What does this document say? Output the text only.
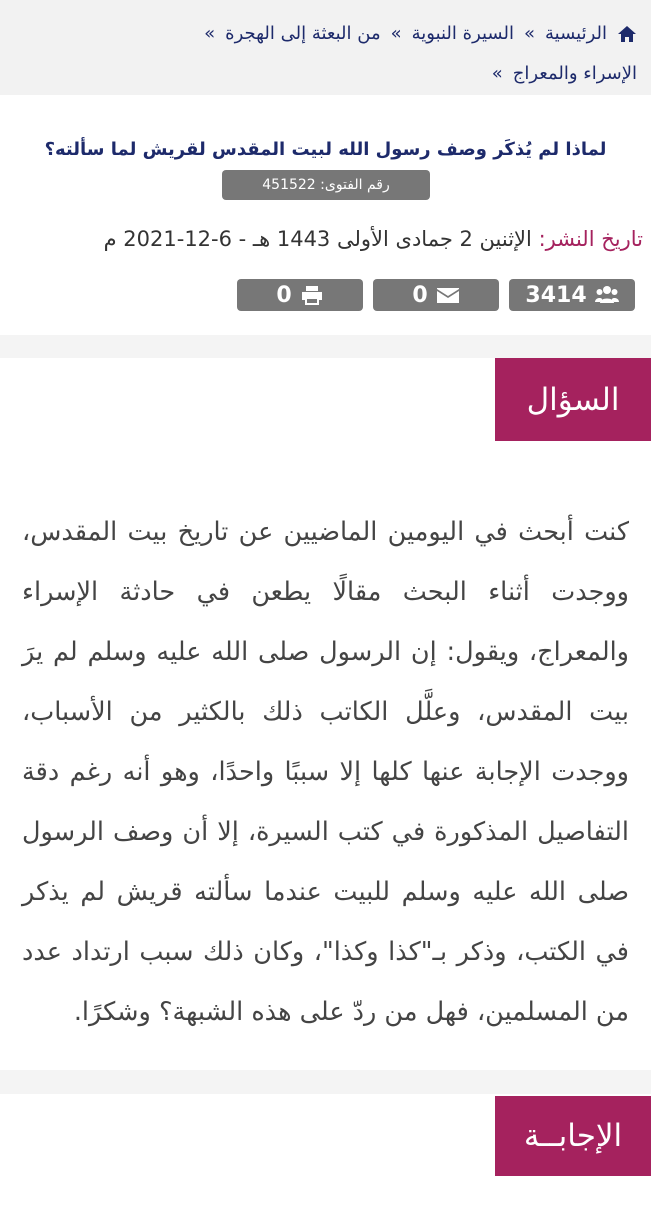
الرئيسية
»
السيرة النبوية
»
من البعثة إلى الهجرة
»
الإسراء والمعراج
»
لماذا لم يُذكَر وصف رسول الله لبيت المقدس لقريش لما سألته؟
رقم الفتوى: 451522
تاريخ النشر: الإثنين 2 جمادى الأولى 1443 هـ - 6-12-2021 م
3414
0
0
السؤال

كنت أبحث في اليومين الماضيين عن تاريخ بيت المقدس، ووجدت أثناء البحث مقالًا يطعن في حادثة الإسراء والمعراج، ويقول: إن الرسول صلى الله عليه وسلم لم يرَ بيت المقدس، وعلَّل الكاتب ذلك بالكثير من الأسباب، ووجدت الإجابة عنها كلها إلا سببًا واحدًا، وهو أنه رغم دقة التفاصيل المذكورة في كتب السيرة، إلا أن وصف الرسول صلى الله عليه وسلم للبيت عندما سألته قريش لم يذكر في الكتب، وذكر بـ"كذا وكذا"، وكان ذلك سبب ارتداد عدد من المسلمين، فهل من ردّ على هذه الشبهة؟ وشكرًا.

الإجابــة
